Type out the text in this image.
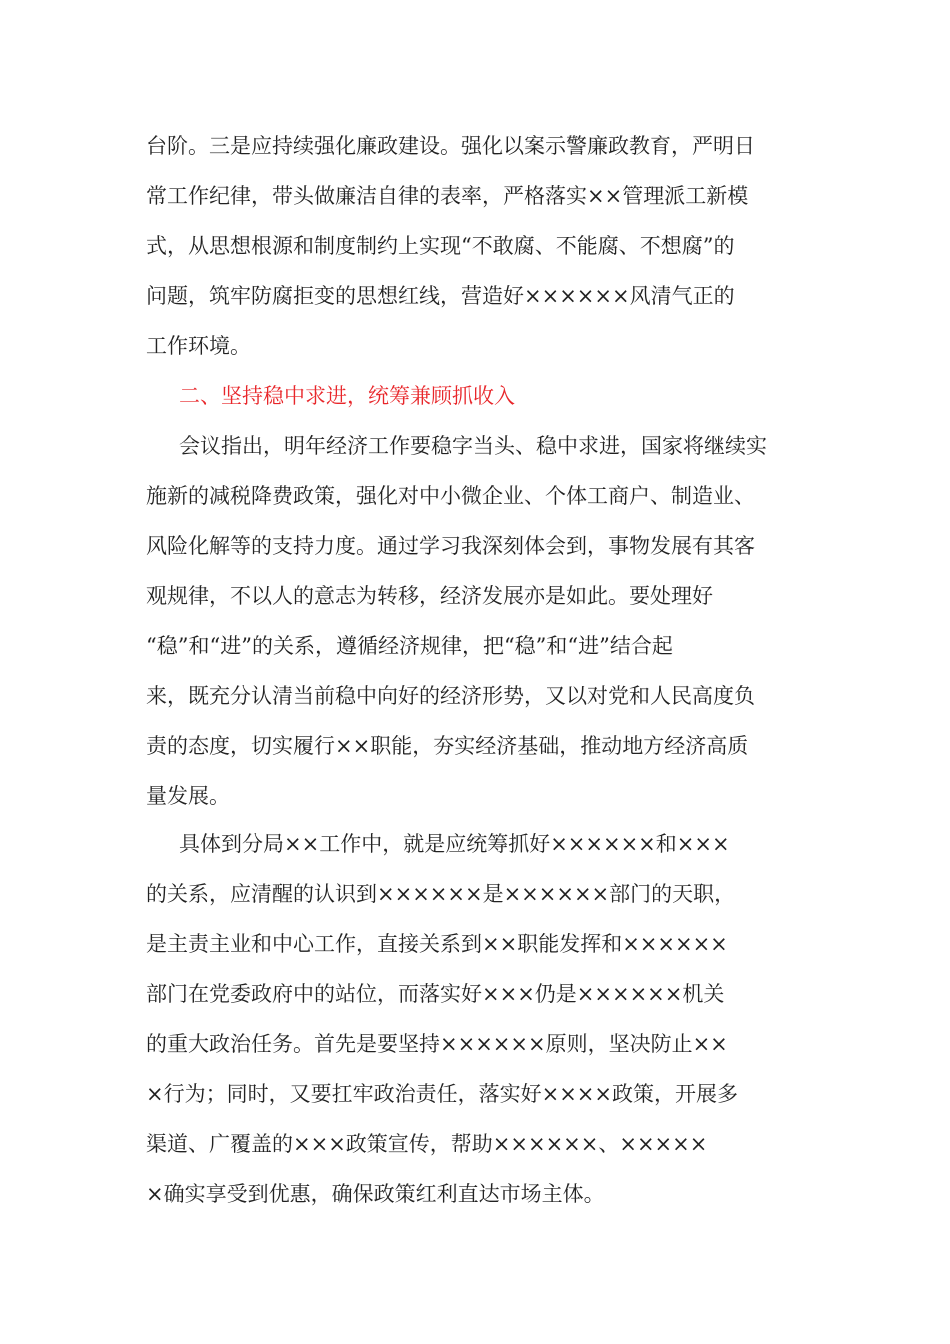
台阶。三是应持续强化廉政建设。强化以案示警廉政教育，严明日

常工作纪律，带头做廉洁自律的表率，严格落实××管理派工新模

式，从思想根源和制度制约上实现“不敢腐、不能腐、不想腐”的

问题，筑牢防腐拒变的思想红线，营造好××××××风清气正的

工作环境。

二、坚持稳中求进，统筹兼顾抓收入

会议指出，明年经济工作要稳字当头、稳中求进，国家将继续实

施新的减税降费政策，强化对中小微企业、个体工商户、制造业、

风险化解等的支持力度。通过学习我深刻体会到，事物发展有其客

观规律，不以人的意志为转移，经济发展亦是如此。要处理好

“稳”和“进”的关系，遵循经济规律，把“稳”和“进”结合起

来，既充分认清当前稳中向好的经济形势，又以对党和人民高度负

责的态度，切实履行××职能，夯实经济基础，推动地方经济高质

量发展。

具体到分局××工作中，就是应统筹抓好××××××和×××

的关系，应清醒的认识到××××××是××××××部门的天职，

是主责主业和中心工作，直接关系到××职能发挥和××××××

部门在党委政府中的站位，而落实好×××仍是××××××机关

的重大政治任务。首先是要坚持××××××原则，坚决防止××

×行为；同时，又要扛牢政治责任，落实好××××政策，开展多

渠道、广覆盖的×××政策宣传，帮助××××××、×××××

×确实享受到优惠，确保政策红利直达市场主体。
